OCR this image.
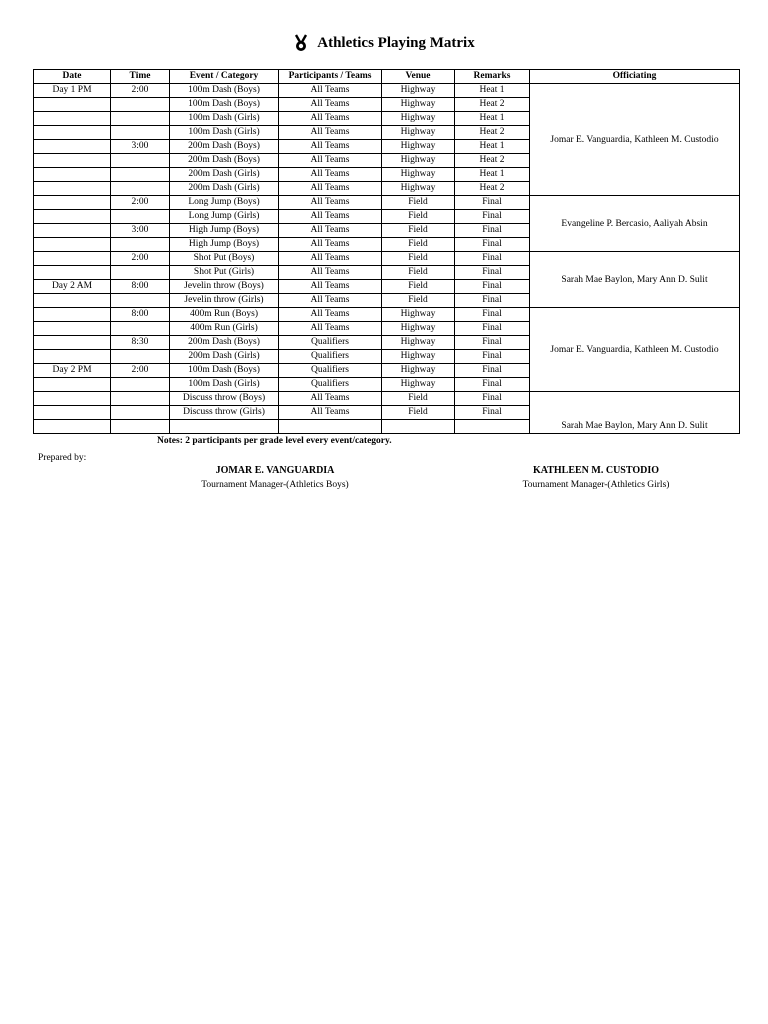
Athletics Playing Matrix
Date	Time	Event / Category	Participants / Teams	Venue	Remarks	Officiating	
Day 1 PM	2:00	100m Dash (Boys)	All Teams	Highway	Heat 1	Jomar E. Vanguardia, Kathleen M. Custodio	
		100m Dash (Boys)	All Teams	Highway	Heat 2		
		100m Dash (Girls)	All Teams	Highway	Heat 1		
		100m Dash (Girls)	All Teams	Highway	Heat 2		
	3:00	200m Dash (Boys)	All Teams	Highway	Heat 1		
		200m Dash (Boys)	All Teams	Highway	Heat 2		
		200m Dash (Girls)	All Teams	Highway	Heat 1		
		200m Dash (Girls)	All Teams	Highway	Heat 2		
	2:00	Long Jump (Boys)	All Teams	Field	Final	Evangeline P. Bercasio, Aaliyah Absin	
		Long Jump (Girls)	All Teams	Field	Final		
	3:00	High Jump (Boys)	All Teams	Field	Final		
		High Jump (Boys)	All Teams	Field	Final		
	2:00	Shot Put (Boys)	All Teams	Field	Final	Sarah Mae Baylon, Mary Ann D. Sulit	
		Shot Put (Girls)	All Teams	Field	Final		
Day 2 AM	8:00	Jevelin throw (Boys)	All Teams	Field	Final		
		Jevelin throw (Girls)	All Teams	Field	Final		
	8:00	400m Run (Boys)	All Teams	Highway	Final	Jomar E. Vanguardia, Kathleen M. Custodio	
		400m Run (Girls)	All Teams	Highway	Final		
	8:30	200m Dash (Boys)	Qualifiers	Highway	Final		
		200m Dash (Girls)	Qualifiers	Highway	Final		
Day 2 PM	2:00	100m Dash (Boys)	Qualifiers	Highway	Final		
		100m Dash (Girls)	Qualifiers	Highway	Final		
		Discuss throw (Boys)	All Teams	Field	Final	Sarah Mae Baylon, Mary Ann D. Sulit	
		Discuss throw (Girls)	All Teams	Field	Final		

Notes: 2 participants per grade level every event/category.
Prepared by:
JOMAR E. VANGUARDIA
Tournament Manager-(Athletics Boys)
KATHLEEN M. CUSTODIO
Tournament Manager-(Athletics Girls)
